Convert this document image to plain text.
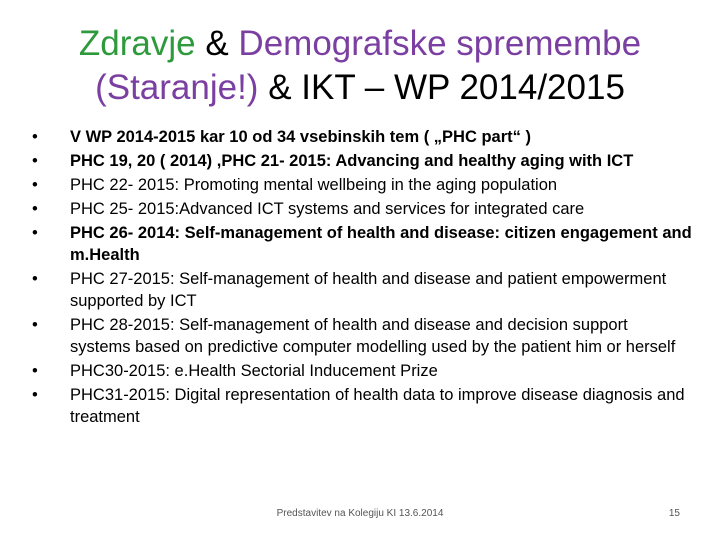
Zdravje & Demografske spremembe
(Staranje!) & IKT – WP 2014/2015
•	V WP 2014-2015 kar 10 od 34 vsebinskih tem ( „PHC part“ )
•	PHC 19, 20 ( 2014) ,PHC 21- 2015: Advancing and healthy aging with ICT
•	PHC 22- 2015: Promoting mental wellbeing in the aging population
•	PHC 25- 2015:Advanced ICT systems and services for integrated care
•	PHC 26- 2014: Self-management of health and disease: citizen engagement and m.Health
•	PHC 27-2015: Self-management of health and disease and patient empowerment supported by ICT
•	PHC 28-2015: Self-management of health and disease and decision support systems based on predictive computer modelling used by the patient him or herself
•	PHC30-2015: e.Health Sectorial Inducement Prize
•	PHC31-2015: Digital representation of health data to improve disease diagnosis and treatment
Predstavitev na Kolegiju KI 13.6.2014	15
